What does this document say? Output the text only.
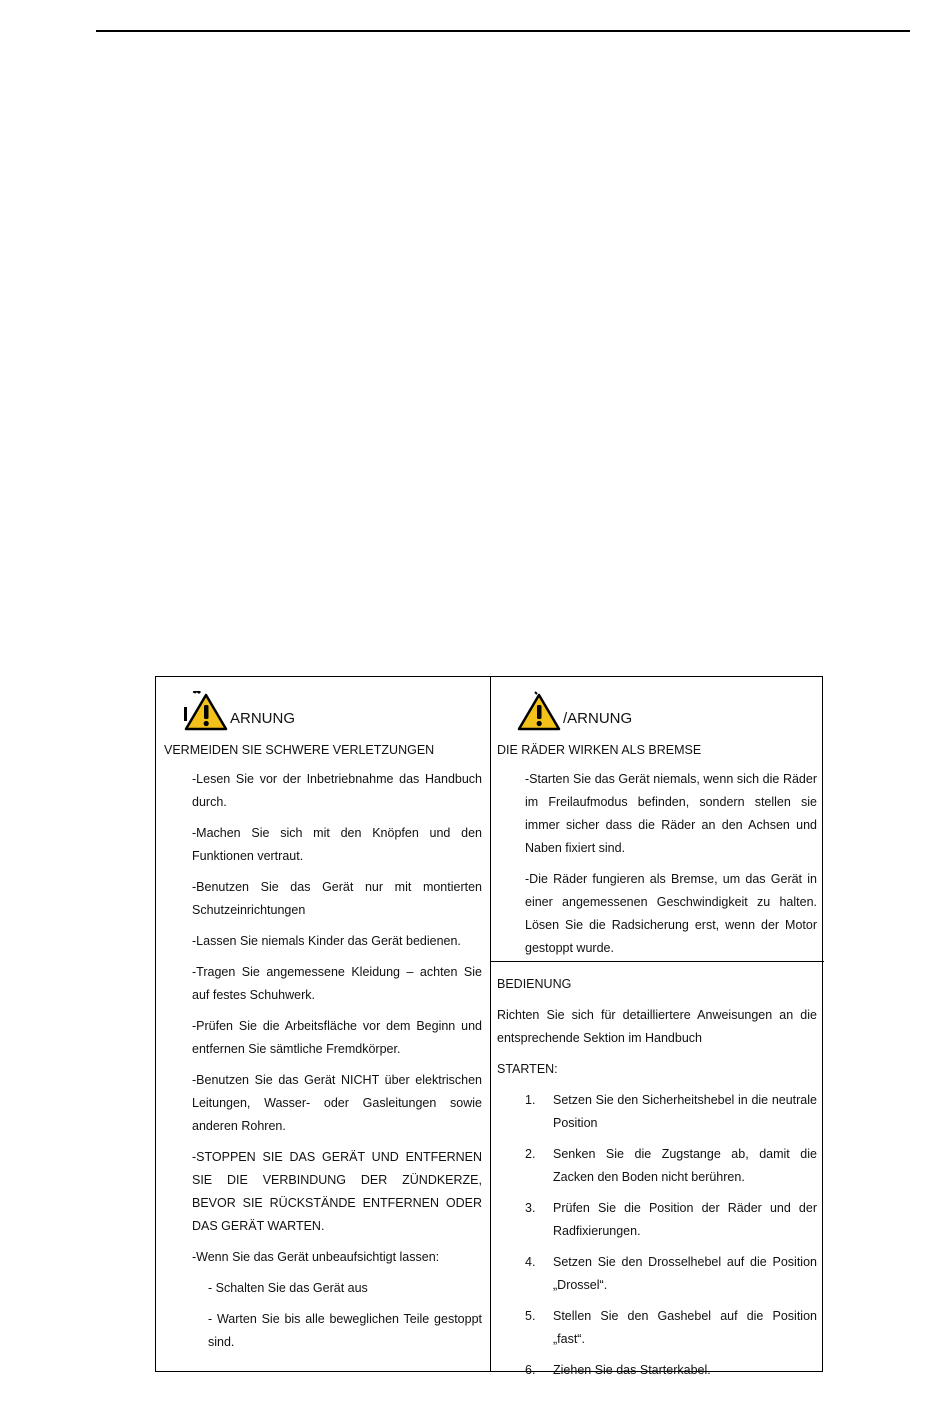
ARNUNG
VERMEIDEN SIE SCHWERE VERLETZUNGEN
-Lesen Sie vor der Inbetriebnahme das Handbuch durch.
-Machen Sie sich mit den Knöpfen und den Funktionen vertraut.
-Benutzen Sie das Gerät nur mit montierten Schutzeinrichtungen
-Lassen Sie niemals Kinder das Gerät bedienen.
-Tragen Sie angemessene Kleidung – achten Sie auf festes Schuhwerk.
-Prüfen Sie die Arbeitsfläche vor dem Beginn und entfernen Sie sämtliche Fremdkörper.
-Benutzen Sie das Gerät NICHT über elektrischen Leitungen, Wasser- oder Gasleitungen sowie anderen Rohren.
-STOPPEN SIE DAS GERÄT UND ENTFERNEN SIE DIE VERBINDUNG DER ZÜNDKERZE, BEVOR SIE RÜCKSTÄNDE ENTFERNEN ODER DAS GERÄT WARTEN.
-Wenn Sie das Gerät unbeaufsichtigt lassen:
- Schalten Sie das Gerät aus
- Warten Sie bis alle beweglichen Teile gestoppt sind.
/ARNUNG
DIE RÄDER WIRKEN ALS BREMSE
-Starten Sie das Gerät niemals, wenn sich die Räder im Freilaufmodus befinden, sondern stellen sie immer sicher dass die Räder an den Achsen und Naben fixiert sind.
-Die Räder fungieren als Bremse, um das Gerät in einer angemessenen Geschwindigkeit zu halten. Lösen Sie die Radsicherung erst, wenn der Motor gestoppt wurde.
BEDIENUNG
Richten Sie sich für detailliertere Anweisungen an die entsprechende Sektion im Handbuch
STARTEN:
1.	Setzen Sie den Sicherheitshebel in die neutrale Position
2.	Senken Sie die Zugstange ab, damit die Zacken den Boden nicht berühren.
3.	Prüfen Sie die Position der Räder und der Radfixierungen.
4.	Setzen Sie den Drosselhebel auf die Position „Drossel“.
5.	Stellen Sie den Gashebel auf die Position „fast“.
6.	Ziehen Sie das Starterkabel.
